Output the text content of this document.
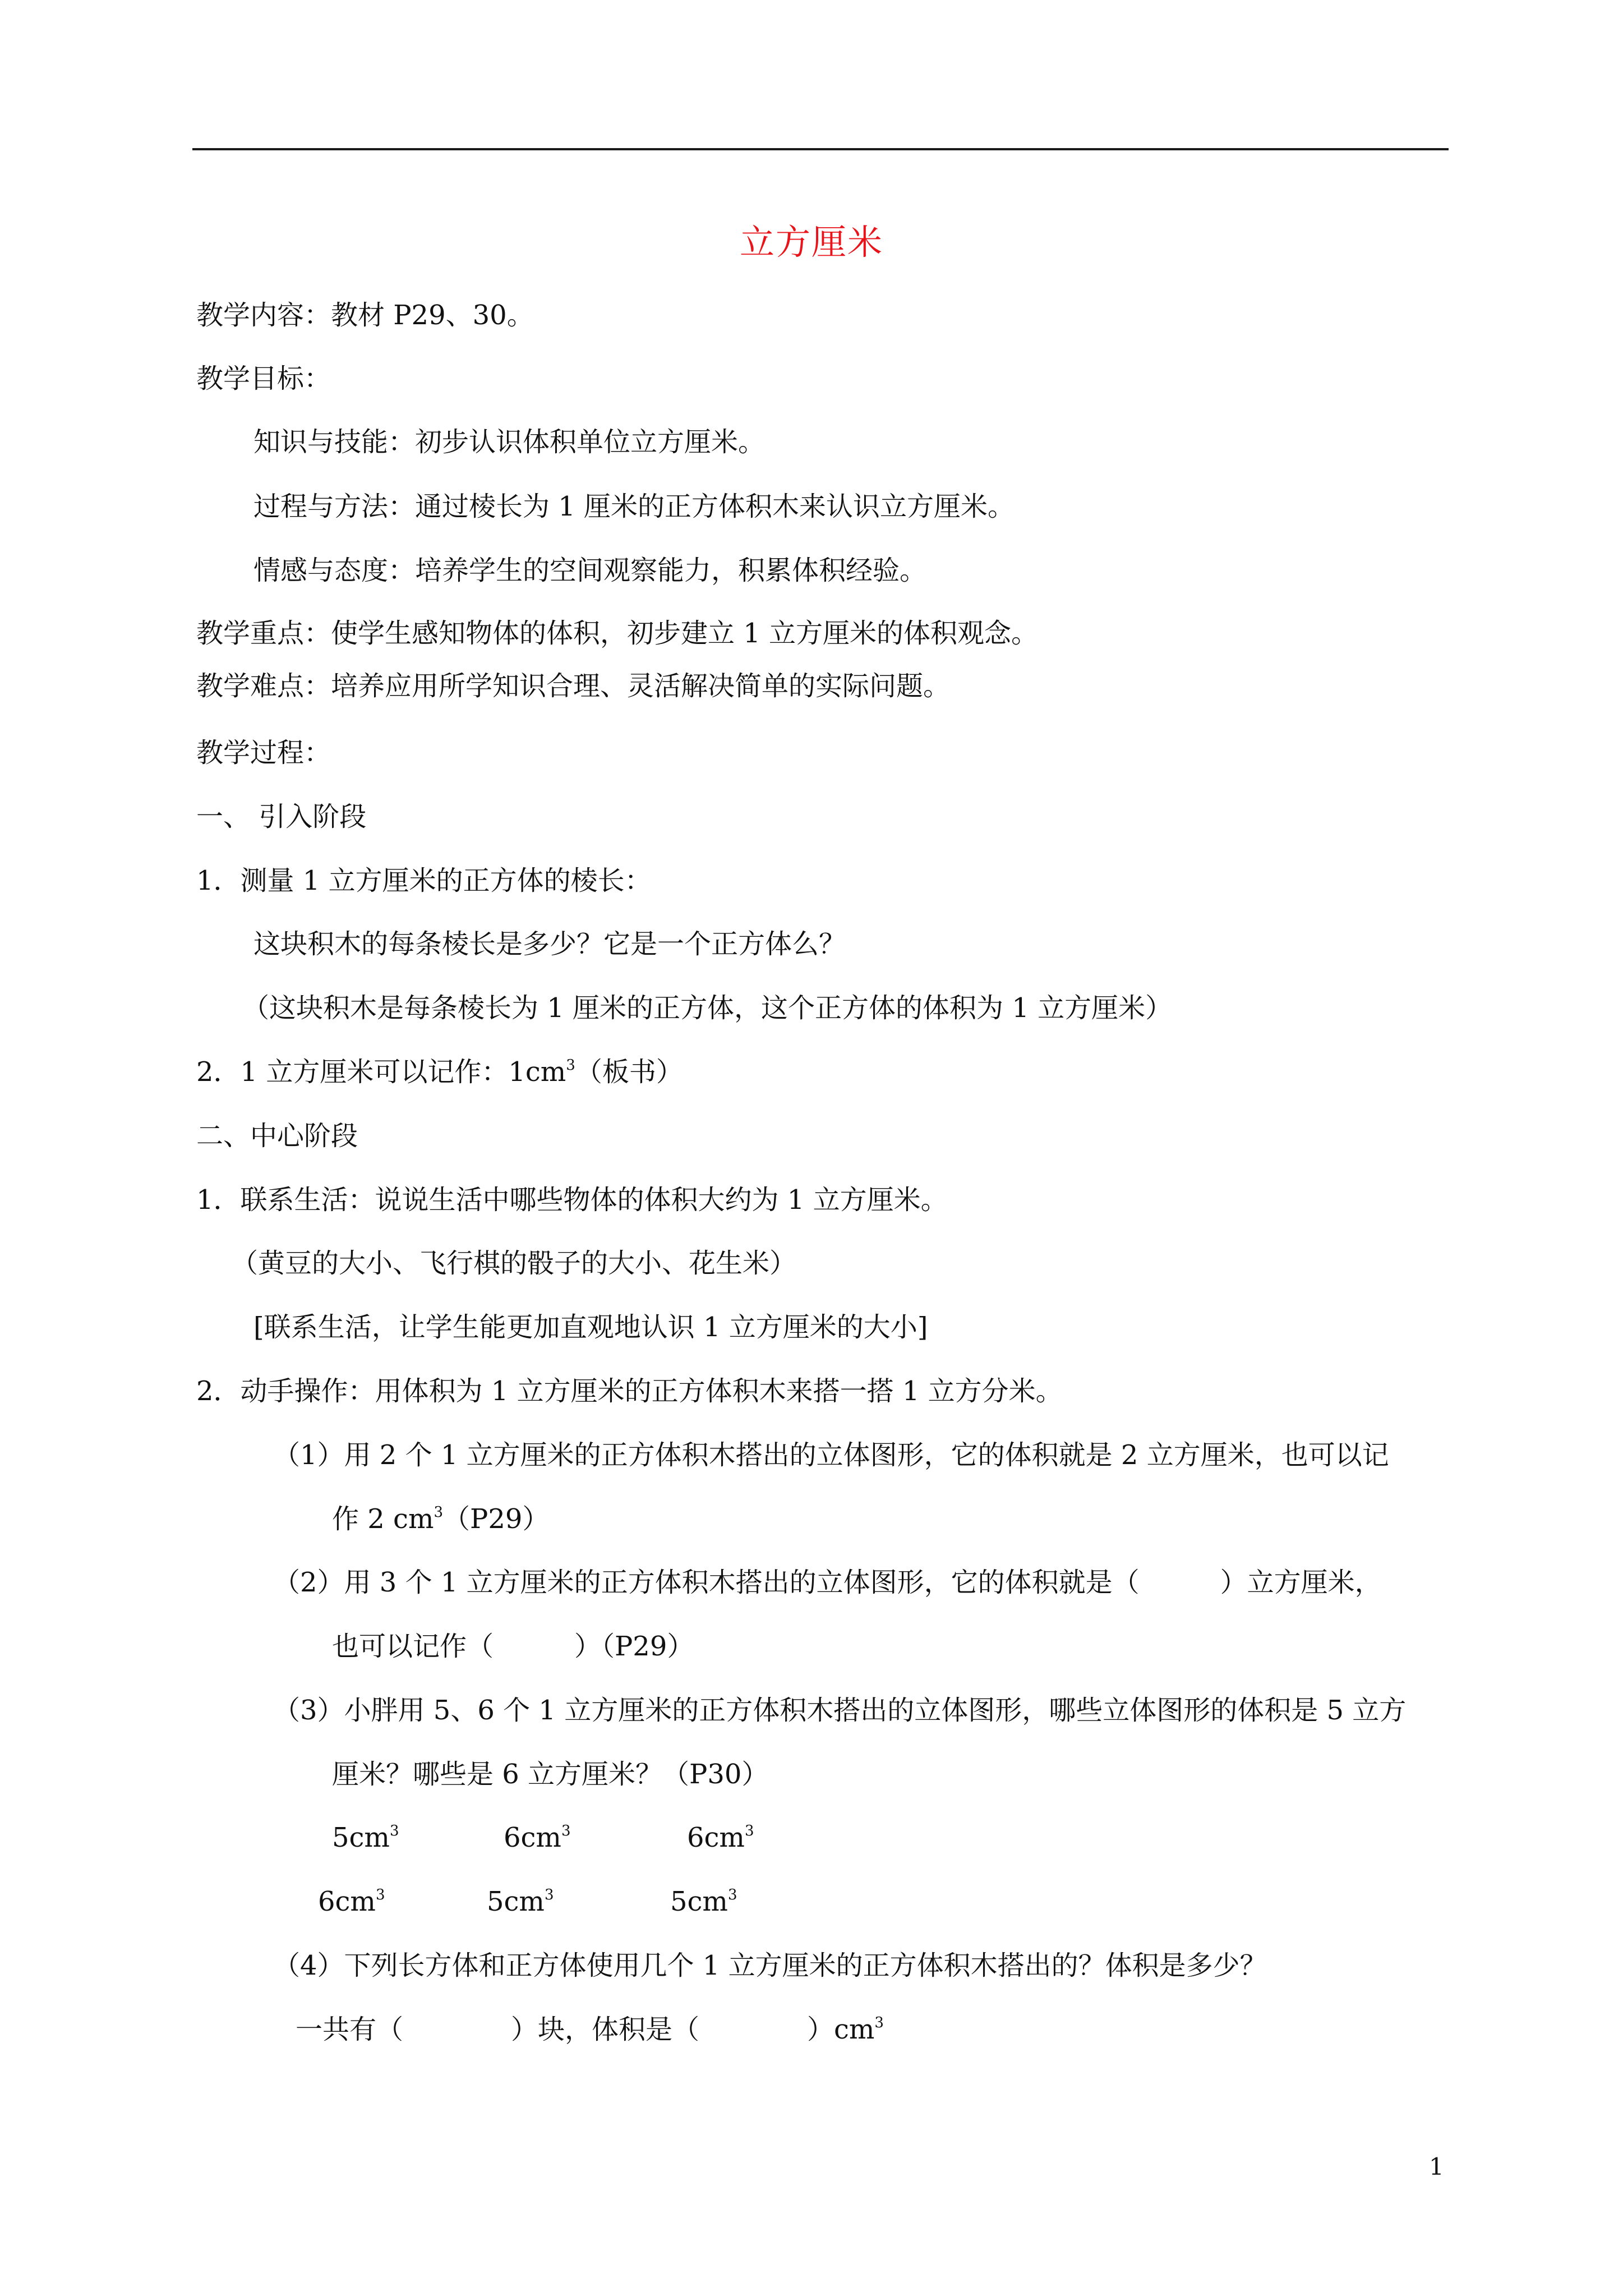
立方厘米
教学内容：教材 P29、30。
教学目标：
知识与技能：初步认识体积单位立方厘米。
过程与方法：通过棱长为 1 厘米的正方体积木来认识立方厘米。
情感与态度：培养学生的空间观察能力，积累体积经验。
教学重点：使学生感知物体的体积，初步建立 1 立方厘米的体积观念。
教学难点：培养应用所学知识合理、灵活解决简单的实际问题。
教学过程：
一、 引入阶段
1．测量 1 立方厘米的正方体的棱长：
这块积木的每条棱长是多少？它是一个正方体么？
（这块积木是每条棱长为 1 厘米的正方体，这个正方体的体积为 1 立方厘米）
2．1 立方厘米可以记作：$1cm^3$（板书）
二、中心阶段
1．联系生活：说说生活中哪些物体的体积大约为 1 立方厘米。
（黄豆的大小、飞行棋的骰子的大小、花生米）
[联系生活，让学生能更加直观地认识 1 立方厘米的大小]
2．动手操作：用体积为 1 立方厘米的正方体积木来搭一搭 1 立方分米。
（1）用 2 个 1 立方厘米的正方体积木搭出的立体图形，它的体积就是 2 立方厘米，也可以记
作 2 $cm^3(P29)$
（2）用 3 个 1 立方厘米的正方体积木搭出的立体图形，它的体积就是（　　　）立方厘米，
也可以记作（　　　）（P29）
（3）小胖用 5、6 个 1 立方厘米的正方体积木搭出的立体图形，哪些立体图形的体积是 5 立方
厘米？哪些是 6 立方厘米？（P30）
$5cm^3$	$6cm^3$	$6cm^3$
$6cm^3$	$5cm^3$	$5cm^3$
（4）下列长方体和正方体使用几个 1 立方厘米的正方体积木搭出的？体积是多少？
一共有（　　　　）块，体积是（　　　　）$cm^3$
1
